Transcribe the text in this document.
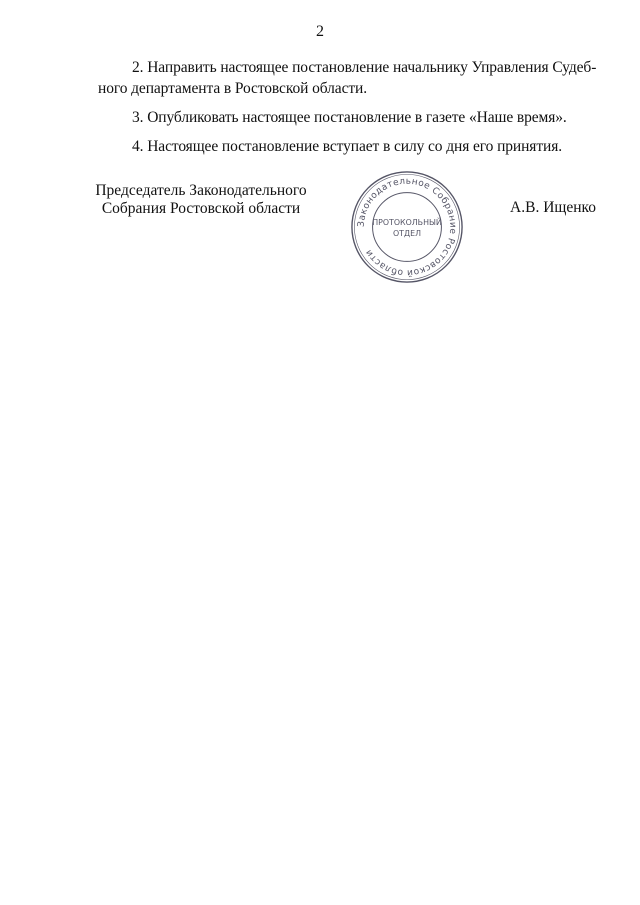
2

2. Направить настоящее постановление начальнику Управления Судеб-
ного департамента в Ростовской области.

3. Опубликовать настоящее постановление в газете «Наше время».

4. Настоящее постановление вступает в силу со дня его принятия.

Председатель Законодательного
Собрания Ростовской области
Законодательное Собрание Ростовской области
ПРОТОКОЛЬНЫЙ
ОТДЕЛ
А.В. Ищенко
